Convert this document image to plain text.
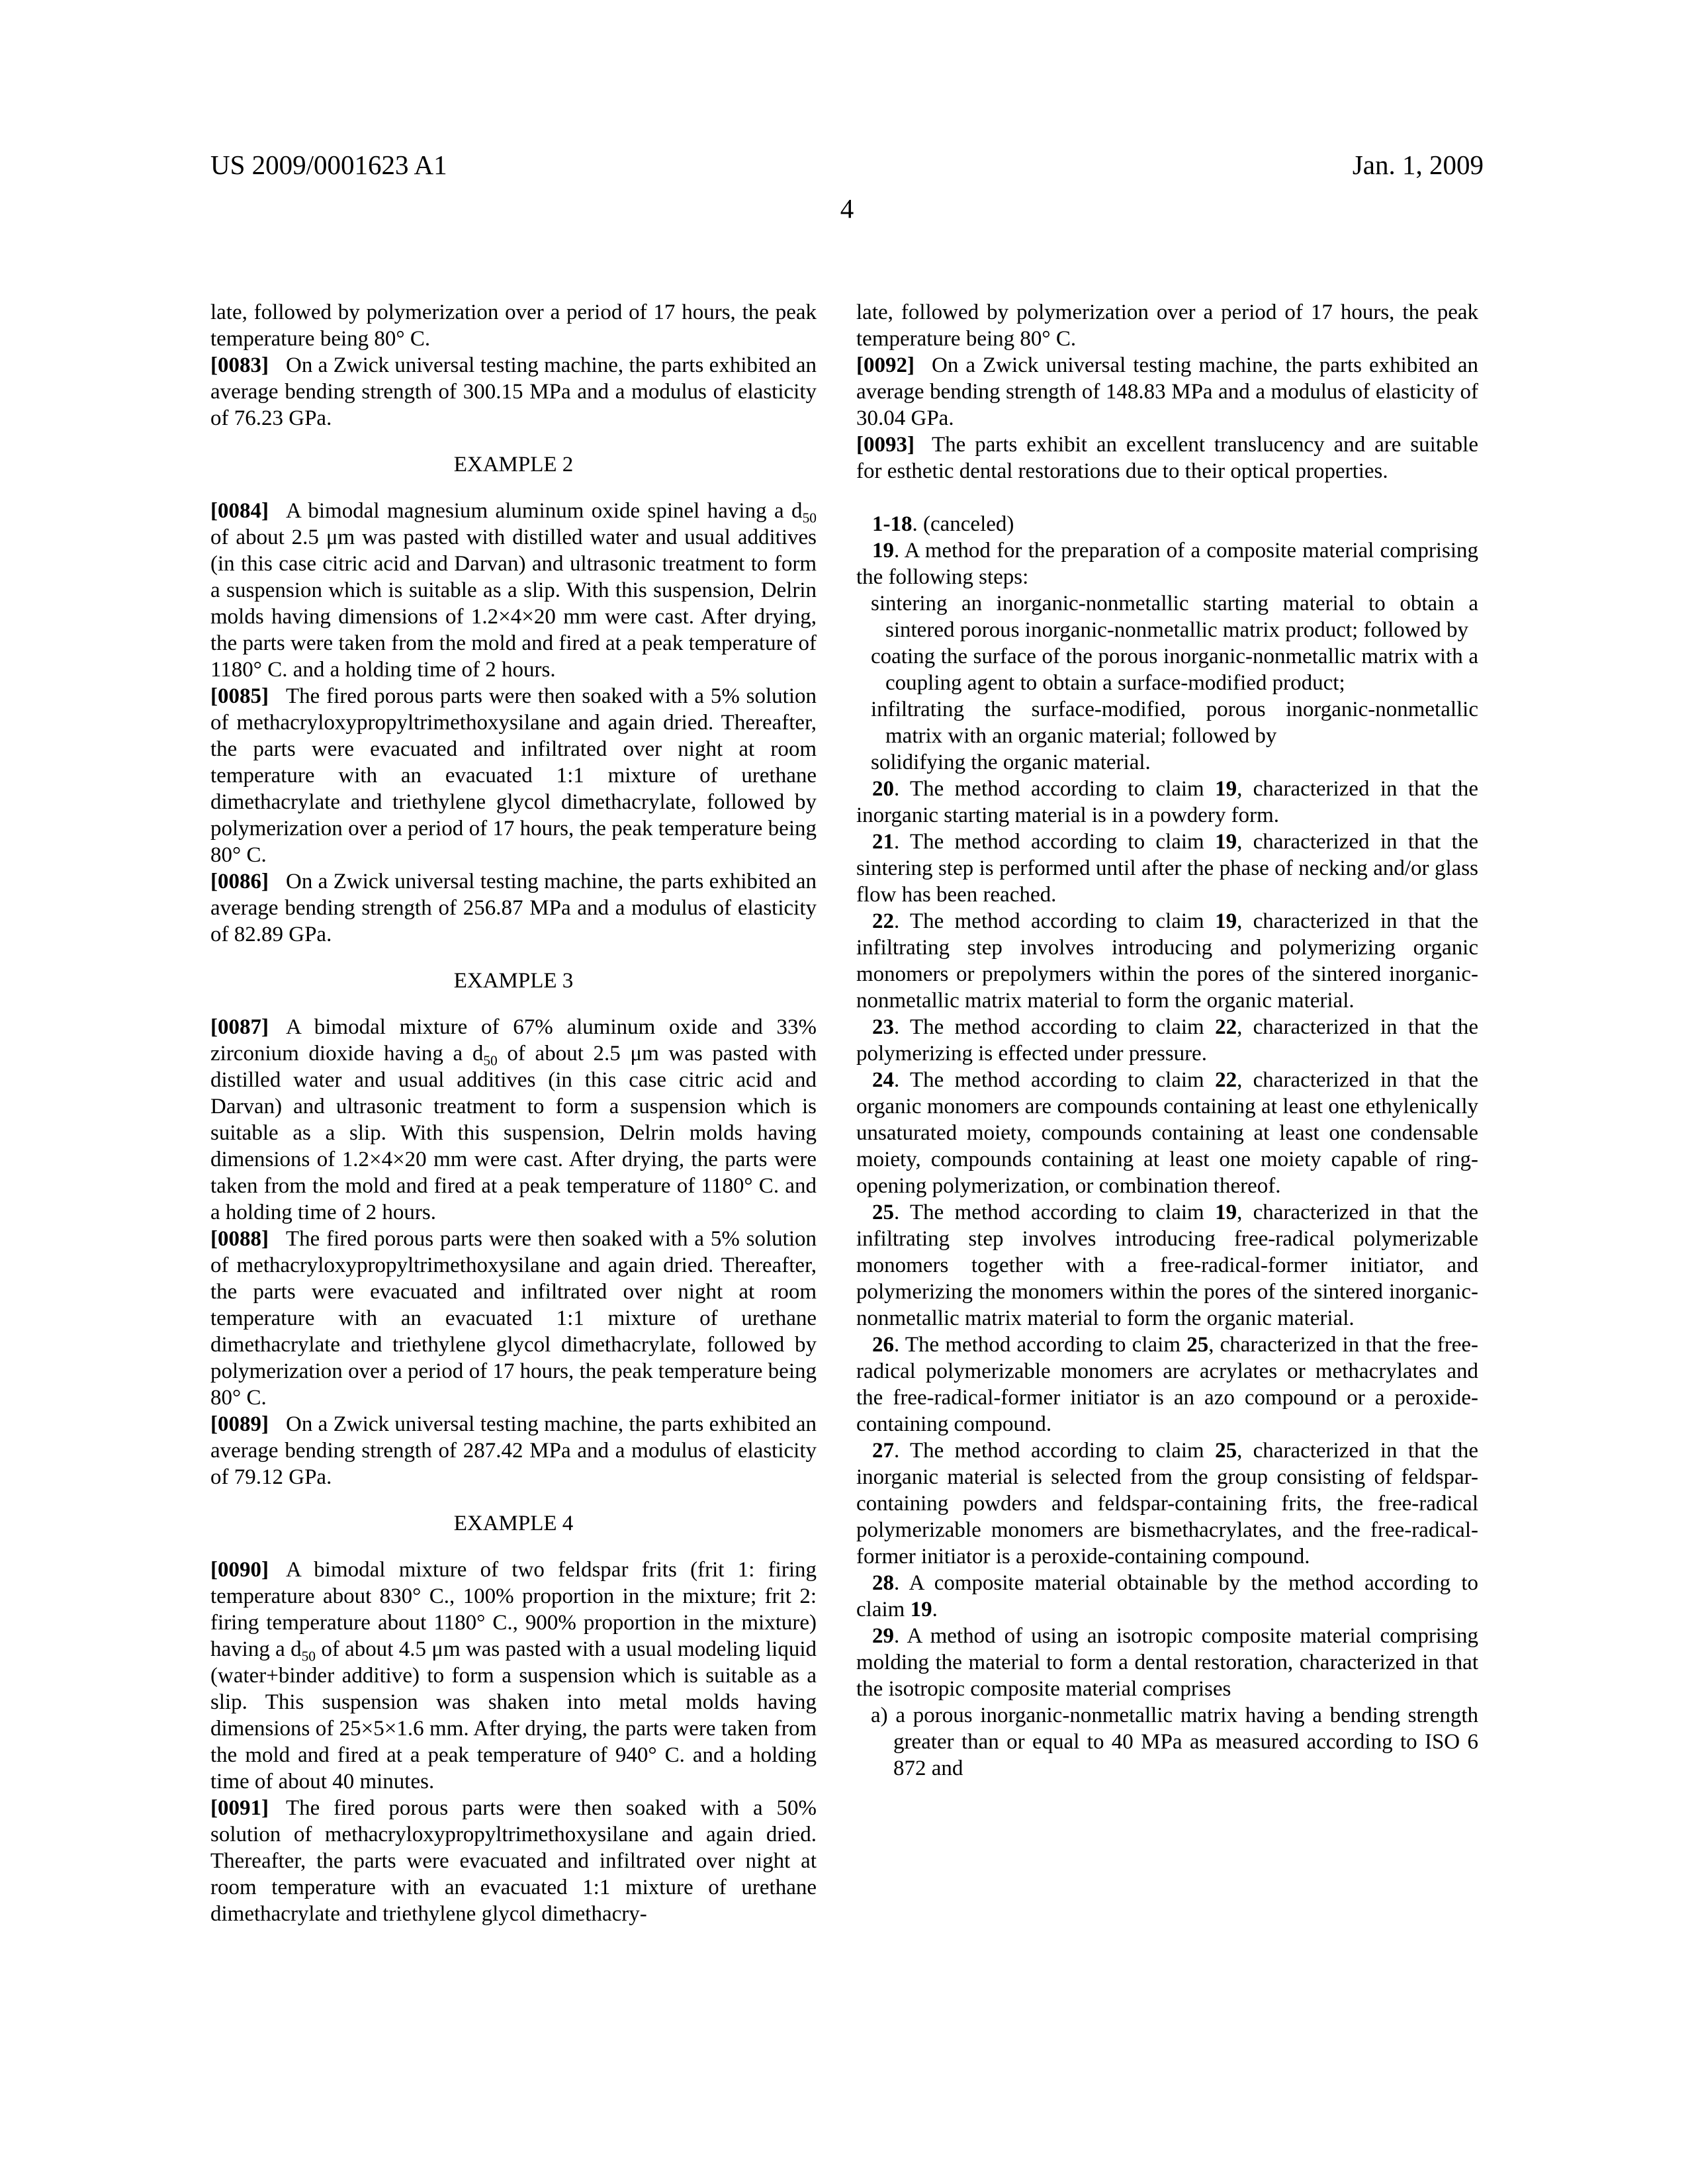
US 2009/0001623 A1	Jan. 1, 2009
4

late, followed by polymerization over a period of 17 hours, the peak temperature being 80° C.

[0083] On a Zwick universal testing machine, the parts exhibited an average bending strength of 300.15 MPa and a modulus of elasticity of 76.23 GPa.

EXAMPLE 2

[0084] A bimodal magnesium aluminum oxide spinel having a $d_{50}$ of about 2.5 μm was pasted with distilled water and usual additives (in this case citric acid and Darvan) and ultrasonic treatment to form a suspension which is suitable as a slip. With this suspension, Delrin molds having dimensions of 1.2×4×20 mm were cast. After drying, the parts were taken from the mold and fired at a peak temperature of 1180° C. and a holding time of 2 hours.

[0085] The fired porous parts were then soaked with a 5% solution of methacryloxypropyltrimethoxysilane and again dried. Thereafter, the parts were evacuated and infiltrated over night at room temperature with an evacuated 1:1 mixture of urethane dimethacrylate and triethylene glycol dimethacrylate, followed by polymerization over a period of 17 hours, the peak temperature being 80° C.

[0086] On a Zwick universal testing machine, the parts exhibited an average bending strength of 256.87 MPa and a modulus of elasticity of 82.89 GPa.

EXAMPLE 3

[0087] A bimodal mixture of 67% aluminum oxide and 33% zirconium dioxide having a $d_{50}$ of about 2.5 μm was pasted with distilled water and usual additives (in this case citric acid and Darvan) and ultrasonic treatment to form a suspension which is suitable as a slip. With this suspension, Delrin molds having dimensions of 1.2×4×20 mm were cast. After drying, the parts were taken from the mold and fired at a peak temperature of 1180° C. and a holding time of 2 hours.

[0088] The fired porous parts were then soaked with a 5% solution of methacryloxypropyltrimethoxysilane and again dried. Thereafter, the parts were evacuated and infiltrated over night at room temperature with an evacuated 1:1 mixture of urethane dimethacrylate and triethylene glycol dimethacrylate, followed by polymerization over a period of 17 hours, the peak temperature being 80° C.

[0089] On a Zwick universal testing machine, the parts exhibited an average bending strength of 287.42 MPa and a modulus of elasticity of 79.12 GPa.

EXAMPLE 4

[0090] A bimodal mixture of two feldspar frits (frit 1: firing temperature about 830° C., 100% proportion in the mixture; frit 2: firing temperature about 1180° C., 900% proportion in the mixture) having a $d_{50}$ of about 4.5 μm was pasted with a usual modeling liquid (water+binder additive) to form a suspension which is suitable as a slip. This suspension was shaken into metal molds having dimensions of 25×5×1.6 mm. After drying, the parts were taken from the mold and fired at a peak temperature of 940° C. and a holding time of about 40 minutes.

[0091] The fired porous parts were then soaked with a 50% solution of methacryloxypropyltrimethoxysilane and again dried. Thereafter, the parts were evacuated and infiltrated over night at room temperature with an evacuated 1:1 mixture of urethane dimethacrylate and triethylene glycol dimethacry-

late, followed by polymerization over a period of 17 hours, the peak temperature being 80° C.

[0092] On a Zwick universal testing machine, the parts exhibited an average bending strength of 148.83 MPa and a modulus of elasticity of 30.04 GPa.

[0093] The parts exhibit an excellent translucency and are suitable for esthetic dental restorations due to their optical properties.

1-18. (canceled)

19. A method for the preparation of a composite material comprising the following steps:

sintering an inorganic-nonmetallic starting material to obtain a sintered porous inorganic-nonmetallic matrix product; followed by

coating the surface of the porous inorganic-nonmetallic matrix with a coupling agent to obtain a surface-modified product;

infiltrating the surface-modified, porous inorganic-nonmetallic matrix with an organic material; followed by

solidifying the organic material.

20. The method according to claim 19, characterized in that the inorganic starting material is in a powdery form.

21. The method according to claim 19, characterized in that the sintering step is performed until after the phase of necking and/or glass flow has been reached.

22. The method according to claim 19, characterized in that the infiltrating step involves introducing and polymerizing organic monomers or prepolymers within the pores of the sintered inorganic-nonmetallic matrix material to form the organic material.

23. The method according to claim 22, characterized in that the polymerizing is effected under pressure.

24. The method according to claim 22, characterized in that the organic monomers are compounds containing at least one ethylenically unsaturated moiety, compounds containing at least one condensable moiety, compounds containing at least one moiety capable of ring-opening polymerization, or combination thereof.

25. The method according to claim 19, characterized in that the infiltrating step involves introducing free-radical polymerizable monomers together with a free-radical-former initiator, and polymerizing the monomers within the pores of the sintered inorganic-nonmetallic matrix material to form the organic material.

26. The method according to claim 25, characterized in that the free-radical polymerizable monomers are acrylates or methacrylates and the free-radical-former initiator is an azo compound or a peroxide-containing compound.

27. The method according to claim 25, characterized in that the inorganic material is selected from the group consisting of feldspar-containing powders and feldspar-containing frits, the free-radical polymerizable monomers are bismethacrylates, and the free-radical-former initiator is a peroxide-containing compound.

28. A composite material obtainable by the method according to claim 19.

29. A method of using an isotropic composite material comprising molding the material to form a dental restoration, characterized in that the isotropic composite material comprises

a) a porous inorganic-nonmetallic matrix having a bending strength greater than or equal to 40 MPa as measured according to ISO 6 872 and
